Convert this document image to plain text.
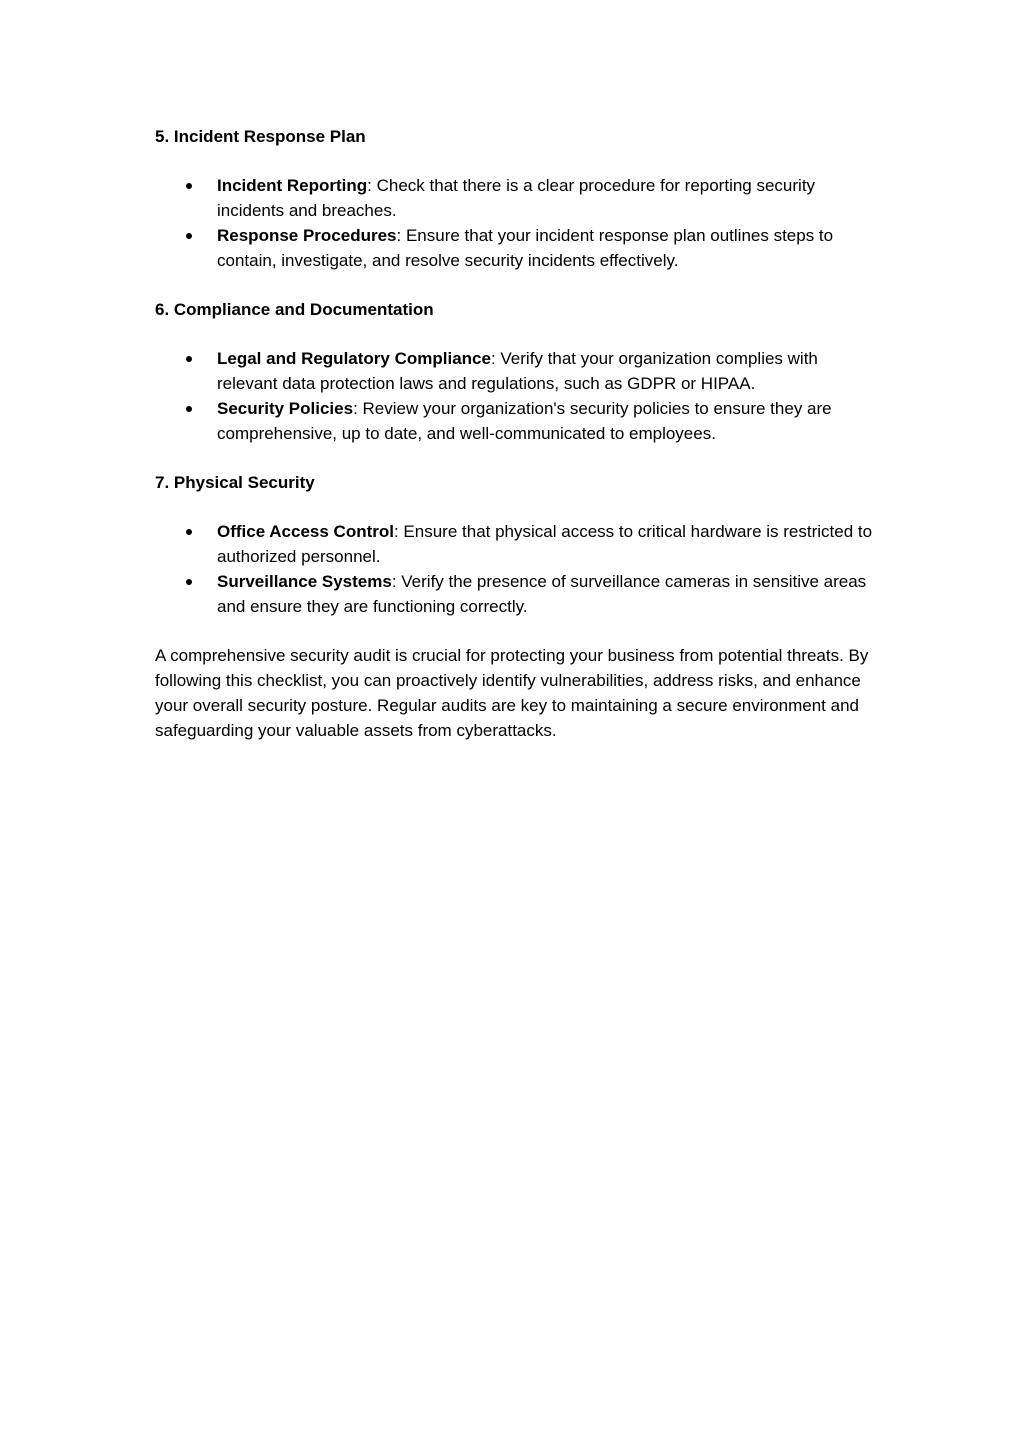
5. Incident Response Plan

Incident Reporting: Check that there is a clear procedure for reporting security incidents and breaches.
Response Procedures: Ensure that your incident response plan outlines steps to contain, investigate, and resolve security incidents effectively.

6. Compliance and Documentation

Legal and Regulatory Compliance: Verify that your organization complies with relevant data protection laws and regulations, such as GDPR or HIPAA.
Security Policies: Review your organization's security policies to ensure they are comprehensive, up to date, and well-communicated to employees.

7. Physical Security

Office Access Control: Ensure that physical access to critical hardware is restricted to authorized personnel.
Surveillance Systems: Verify the presence of surveillance cameras in sensitive areas and ensure they are functioning correctly.

A comprehensive security audit is crucial for protecting your business from potential threats. By following this checklist, you can proactively identify vulnerabilities, address risks, and enhance your overall security posture. Regular audits are key to maintaining a secure environment and safeguarding your valuable assets from cyberattacks.
